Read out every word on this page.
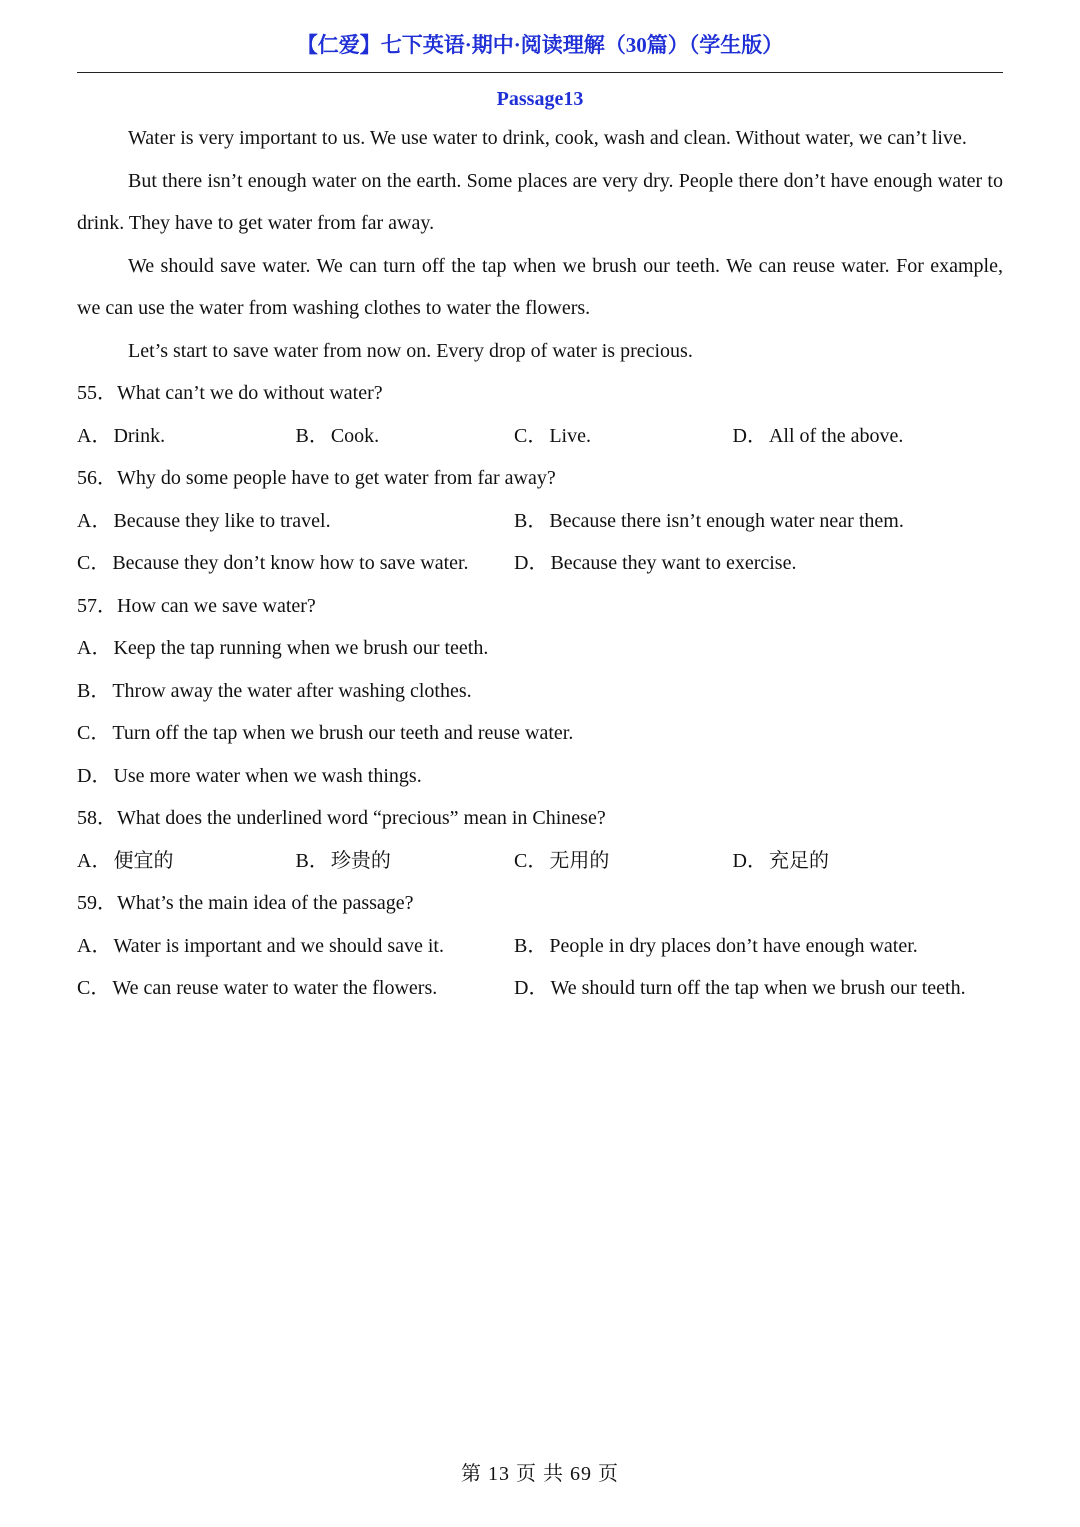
【仁爱】七下英语·期中·阅读理解（30篇）（学生版）
Passage13

Water is very important to us. We use water to drink, cook, wash and clean. Without water, we can’t live.

But there isn’t enough water on the earth. Some places are very dry. People there don’t have enough water to drink. They have to get water from far away.

We should save water. We can turn off the tap when we brush our teeth. We can reuse water. For example, we can use the water from washing clothes to water the flowers.

Let’s start to save water from now on. Every drop of water is precious.

55．What can’t we do without water?
A． Drink.	B． Cook.	C． Live.	D． All of the above.
56．Why do some people have to get water from far away?
A． Because they like to travel.	B． Because there isn’t enough water near them.
C． Because they don’t know how to save water.	D． Because they want to exercise.
57．How can we save water?
A． Keep the tap running when we brush our teeth.
B． Throw away the water after washing clothes.
C． Turn off the tap when we brush our teeth and reuse water.
D． Use more water when we wash things.
58．What does the underlined word “precious” mean in Chinese?
A． 便宜的	B． 珍贵的	C． 无用的	D． 充足的
59．What’s the main idea of the passage?
A． Water is important and we should save it.	B． People in dry places don’t have enough water.
C． We can reuse water to water the flowers.	D． We should turn off the tap when we brush our teeth.
第 13 页 共 69 页
